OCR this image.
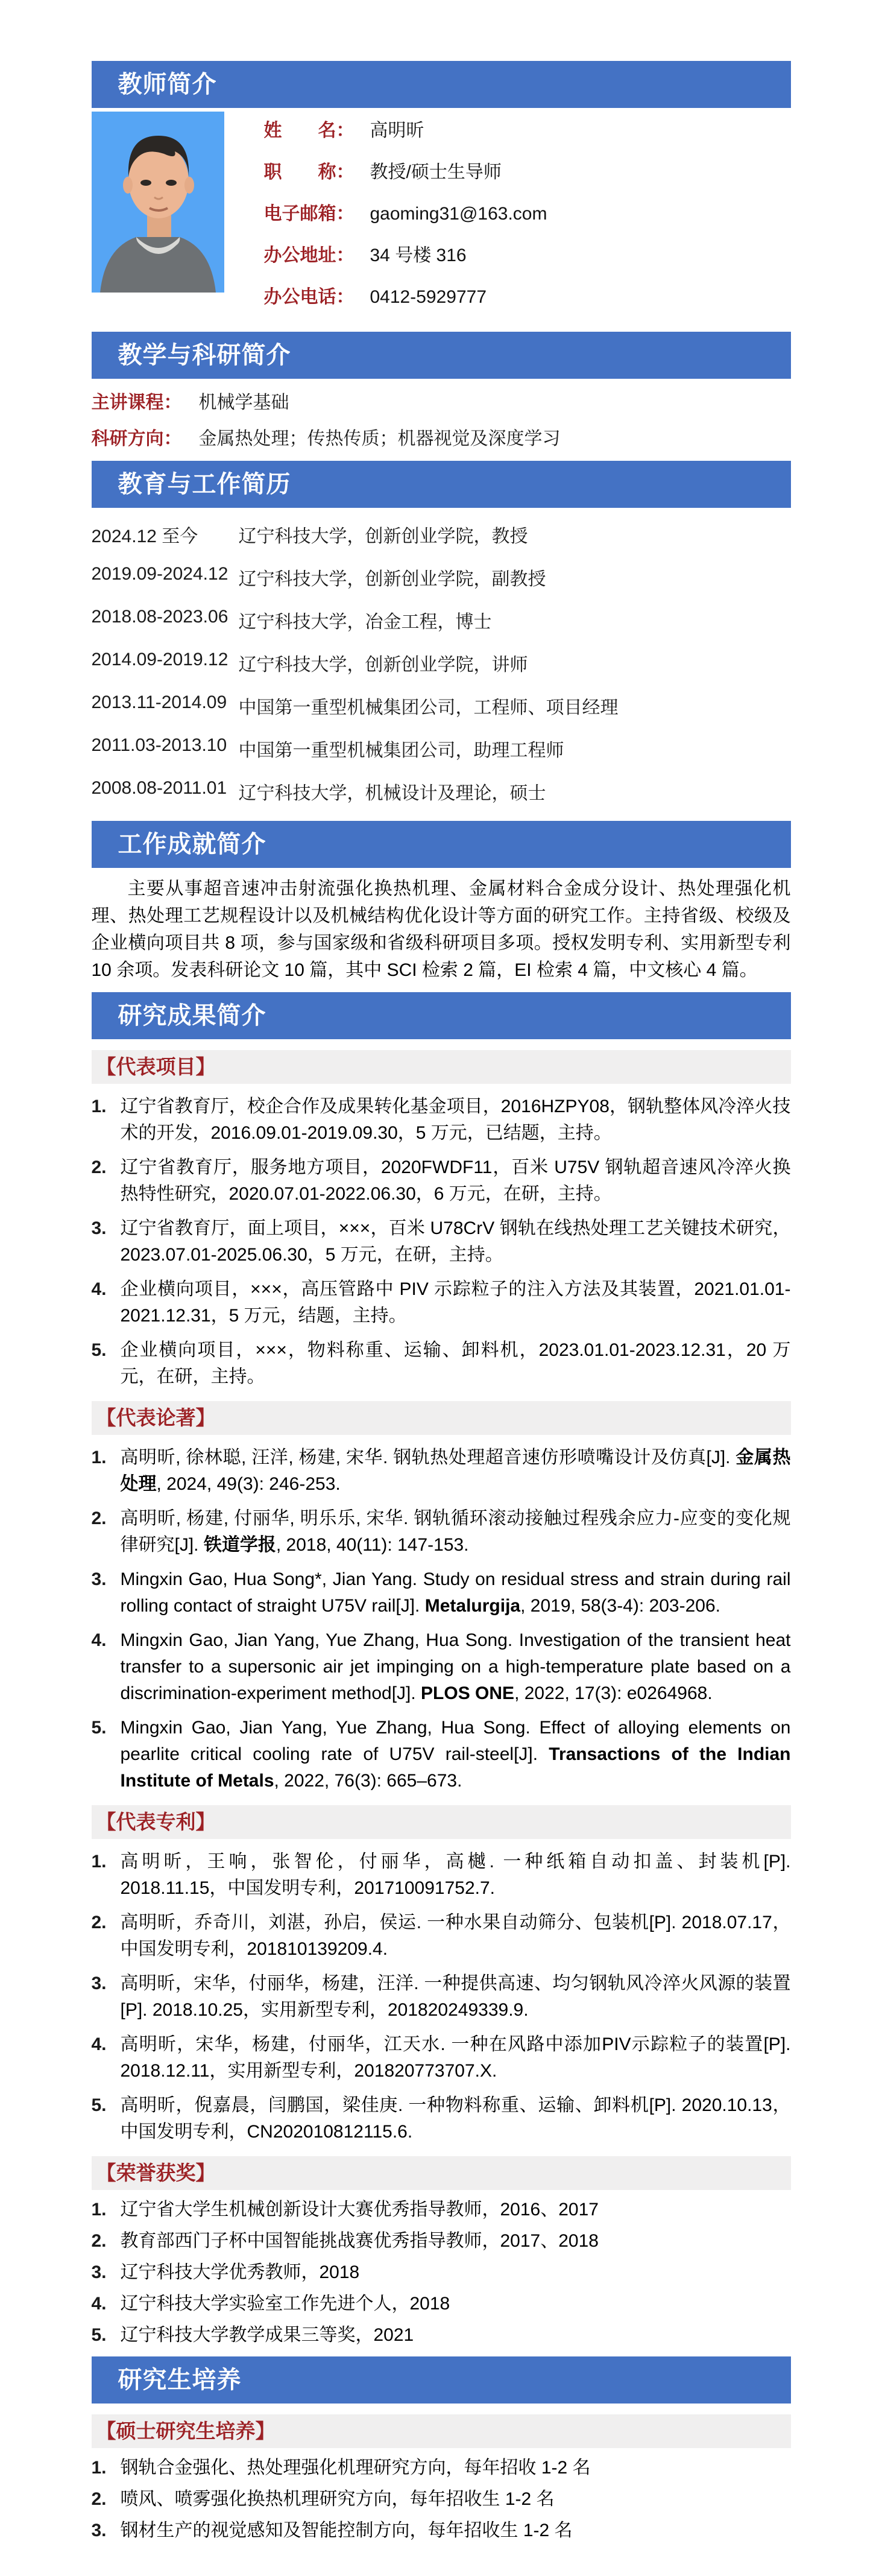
教师简介
姓　　名： 高明昕
职　　称： 教授/硕士生导师
电子邮箱： gaoming31@163.com
办公地址： 34 号楼 316
办公电话： 0412-5929777
教学与科研简介
主讲课程： 机械学基础
科研方向： 金属热处理；传热传质；机器视觉及深度学习
教育与工作简历
2024.12 至今	辽宁科技大学，创新创业学院，教授
2019.09-2024.12 辽宁科技大学，创新创业学院，副教授
2018.08-2023.06 辽宁科技大学，冶金工程，博士
2014.09-2019.12 辽宁科技大学，创新创业学院，讲师
2013.11-2014.09 中国第一重型机械集团公司，工程师、项目经理
2011.03-2013.10 中国第一重型机械集团公司，助理工程师
2008.08-2011.01 辽宁科技大学，机械设计及理论，硕士
工作成就简介
主要从事超音速冲击射流强化换热机理、金属材料合金成分设计、热处理强化机理、热处理工艺规程设计以及机械结构优化设计等方面的研究工作。主持省级、校级及企业横向项目共 8 项，参与国家级和省级科研项目多项。授权发明专利、实用新型专利 10 余项。发表科研论文 10 篇，其中 SCI 检索 2 篇，EI 检索 4 篇，中文核心 4 篇。
研究成果简介
【代表项目】
1. 辽宁省教育厅，校企合作及成果转化基金项目，2016HZPY08，钢轨整体风冷淬火技术的开发，2016.09.01-2019.09.30，5 万元，已结题，主持。
2. 辽宁省教育厅，服务地方项目，2020FWDF11，百米 U75V 钢轨超音速风冷淬火换热特性研究，2020.07.01-2022.06.30，6 万元，在研，主持。
3. 辽宁省教育厅，面上项目，×××，百米 U78CrV 钢轨在线热处理工艺关键技术研究，2023.07.01-2025.06.30，5 万元，在研，主持。
4. 企业横向项目，×××，高压管路中 PIV 示踪粒子的注入方法及其装置，2021.01.01-2021.12.31，5 万元，结题，主持。
5. 企业横向项目，×××，物料称重、运输、卸料机，2023.01.01-2023.12.31，20 万元，在研，主持。
【代表论著】
1. 高明昕, 徐林聪, 汪洋, 杨建, 宋华. 钢轨热处理超音速仿形喷嘴设计及仿真[J]. 金属热处理, 2024, 49(3): 246-253.
2. 高明昕, 杨建, 付丽华, 明乐乐, 宋华. 钢轨循环滚动接触过程残余应力-应变的变化规律研究[J]. 铁道学报, 2018, 40(11): 147-153.
3. Mingxin Gao, Hua Song*, Jian Yang. Study on residual stress and strain during rail rolling contact of straight U75V rail[J]. Metalurgija, 2019, 58(3-4): 203-206.
4. Mingxin Gao, Jian Yang, Yue Zhang, Hua Song. Investigation of the transient heat transfer to a supersonic air jet impinging on a high-temperature plate based on a discrimination-experiment method[J]. PLOS ONE, 2022, 17(3): e0264968.
5. Mingxin Gao, Jian Yang, Yue Zhang, Hua Song. Effect of alloying elements on pearlite critical cooling rate of U75V rail-steel[J]. Transactions of the Indian Institute of Metals, 2022, 76(3): 665–673.
【代表专利】
1. 高明昕，王响，张智伦，付丽华，高樾. 一种纸箱自动扣盖、封装机[P]. 2018.11.15，中国发明专利，201710091752.7.
2. 高明昕，乔奇川，刘湛，孙启，侯运. 一种水果自动筛分、包装机[P]. 2018.07.17，中国发明专利，201810139209.4.
3. 高明昕，宋华，付丽华，杨建，汪洋. 一种提供高速、均匀钢轨风冷淬火风源的装置[P]. 2018.10.25，实用新型专利，201820249339.9.
4. 高明昕，宋华，杨建，付丽华，江天水. 一种在风路中添加PIV示踪粒子的装置[P]. 2018.12.11，实用新型专利，201820773707.X.
5. 高明昕，倪嘉晨，闫鹏国，梁佳庚. 一种物料称重、运输、卸料机[P]. 2020.10.13，中国发明专利，CN202010812115.6.
【荣誉获奖】
1. 辽宁省大学生机械创新设计大赛优秀指导教师，2016、2017
2. 教育部西门子杯中国智能挑战赛优秀指导教师，2017、2018
3. 辽宁科技大学优秀教师，2018
4. 辽宁科技大学实验室工作先进个人，2018
5. 辽宁科技大学教学成果三等奖，2021
研究生培养
【硕士研究生培养】
1. 钢轨合金强化、热处理强化机理研究方向，每年招收 1-2 名
2. 喷风、喷雾强化换热机理研究方向，每年招收生 1-2 名
3. 钢材生产的视觉感知及智能控制方向，每年招收生 1-2 名
